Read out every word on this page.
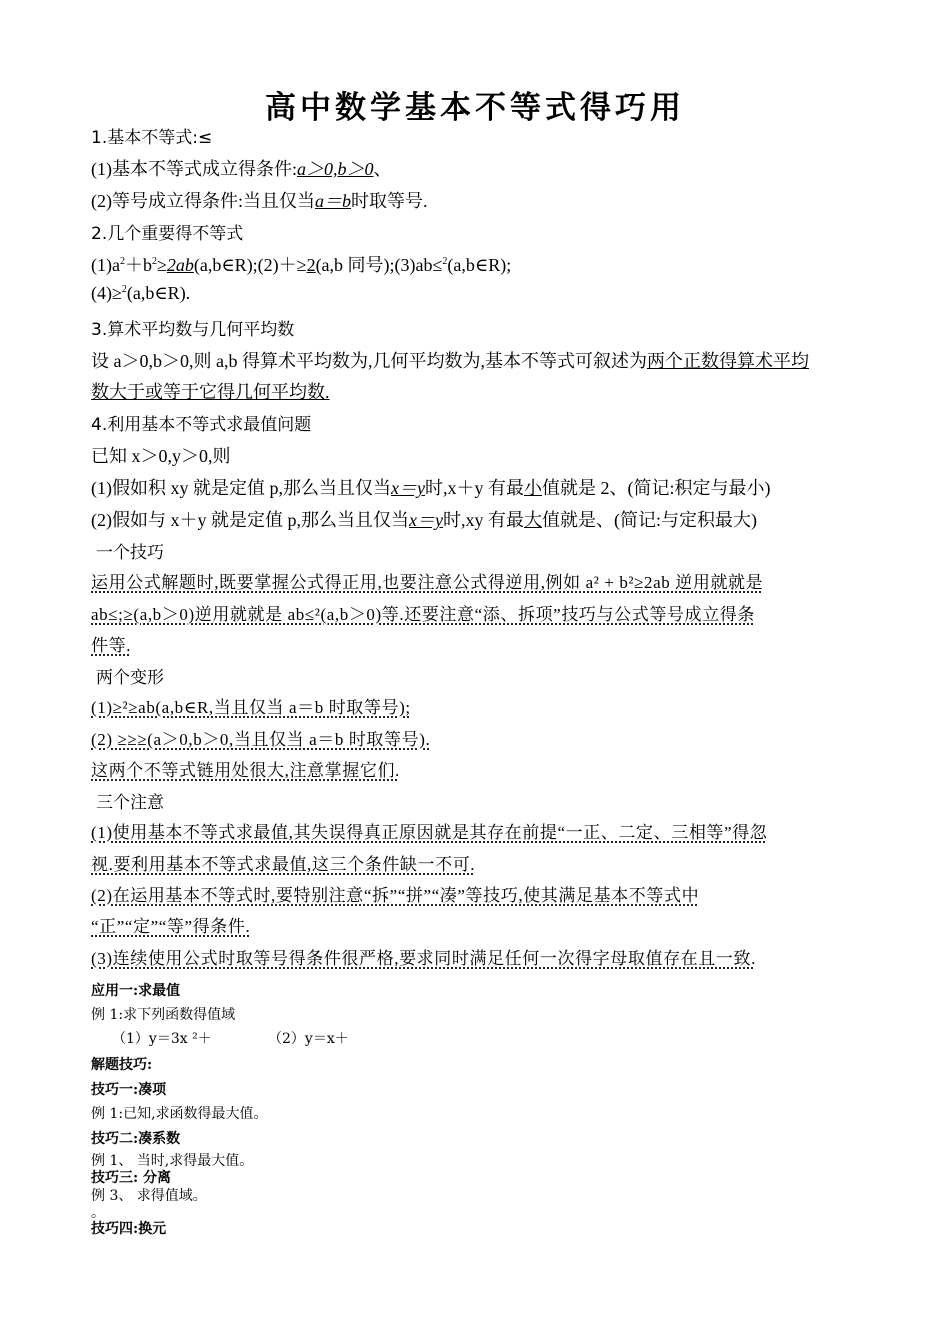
高中数学基本不等式得巧用
1.基本不等式:≤
(1)基本不等式成立得条件:a＞0,b＞0、
(2)等号成立得条件:当且仅当a＝b时取等号.
2.几个重要得不等式
$(1)a^2+b^2\ge 2ab(a,b\in R);(2)+\ge 2(a,b$ 同号);(3)ab≤$^2$(a,b∈R);
(4)≥$^2$(a,b∈R).
3.算术平均数与几何平均数
设 a＞0,b＞0,则 a,b 得算术平均数为,几何平均数为,基本不等式可叙述为两个正数得算术平均
数大于或等于它得几何平均数.
4.利用基本不等式求最值问题
已知 x＞0,y＞0,则
(1)假如积 xy 就是定值 p,那么当且仅当x＝y时,x＋y 有最小值就是 2、(简记:积定与最小)
(2)假如与 x＋y 就是定值 p,那么当且仅当x＝y时,xy 有最大值就是、(简记:与定积最大)
一个技巧
运用公式解题时,既要掌握公式得正用,也要注意公式得逆用,例如 a² + b²≥2ab 逆用就就是
ab≤;≥(a,b＞0)逆用就就是 ab≤²(a,b＞0)等.还要注意“添、拆项”技巧与公式等号成立得条
件等.
两个变形
(1)≥²≥ab(a,b∈R,当且仅当 a＝b 时取等号);
(2) ≥≥≥(a＞0,b＞0,当且仅当 a＝b 时取等号).
这两个不等式链用处很大,注意掌握它们.
三个注意
(1)使用基本不等式求最值,其失误得真正原因就是其存在前提“一正、二定、三相等”得忽
视.要利用基本不等式求最值,这三个条件缺一不可.
(2)在运用基本不等式时,要特别注意“拆”“拼”“凑”等技巧,使其满足基本不等式中
“正”“定”“等”得条件.
(3)连续使用公式时取等号得条件很严格,要求同时满足任何一次得字母取值存在且一致.
应用一:求最值
例 1:求下列函数得值域
（1）y＝3x ²＋	（2）y＝x＋
解题技巧:
技巧一:凑项
例 1:已知,求函数得最大值。
技巧二:凑系数
例 1、 当时,求得最大值。
技巧三: 分离
例 3、 求得值域。
。
技巧四:换元
